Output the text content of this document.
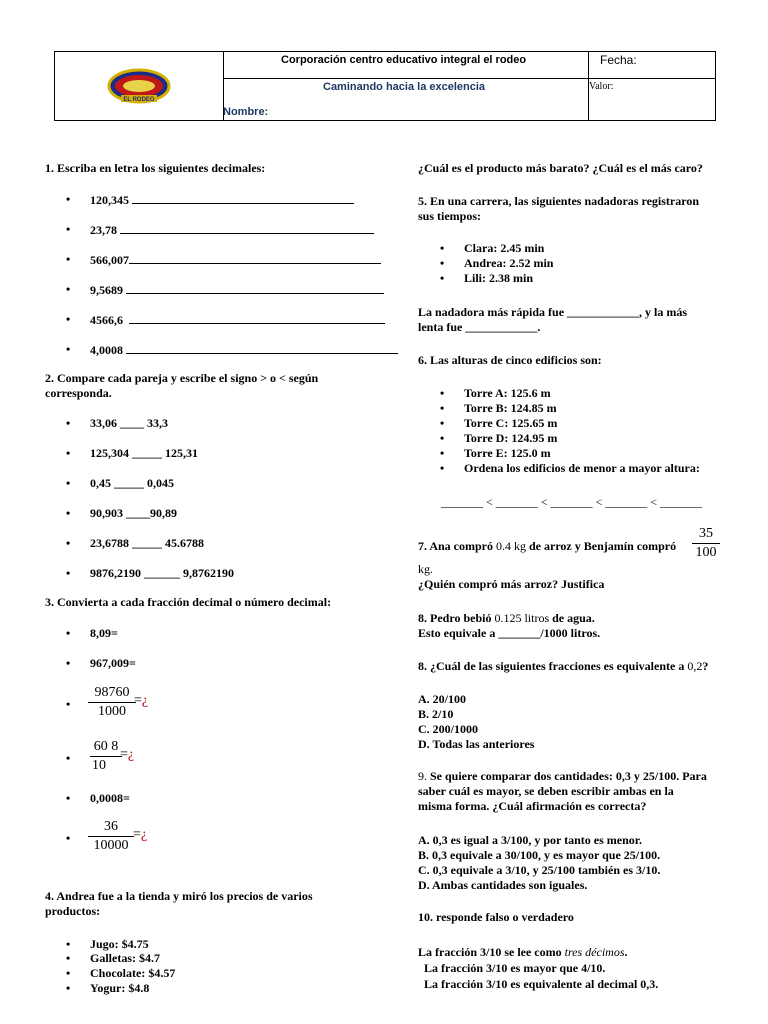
EL RODEO
Corporación centro educativo integral el rodeo
Caminando hacia la excelencia
Nombre:
Fecha:
Valor:
1. Escriba en letra los siguientes decimales:
• 120,345
• 23,78
• 566,007
• 9,5689
• 4566,6
• 4,0008
2. Compare cada pareja y escribe el signo > o < según
corresponda.
• 33,06 ____ 33,3
• 125,304 _____ 125,31
• 0,45 _____ 0,045
• 90,903 ____90,89
• 23,6788 _____ 45.6788
• 9876,2190 ______ 9,8762190
3. Convierta a cada fracción decimal o número decimal:
• 8,09=
• 967,009=
• $\frac{98760}{1000}$
=¿
• $\frac{60 8}{10}$
=¿
• 0,0008=
• $\frac{36}{10000}$ =¿
4. Andrea fue a la tienda y miró los precios de varios
productos:
• Jugo: $4.75
• Galletas: $4.7
• Chocolate: $4.57
• Yogur: $4.8
¿Cuál es el producto más barato? ¿Cuál es el más caro?
5. En una carrera, las siguientes nadadoras registraron
sus tiempos:
• Clara: 2.45 min
• Andrea: 2.52 min
• Lili: 2.38 min
La nadadora más rápida fue ____________, y la más
lenta fue ____________.
6. Las alturas de cinco edificios son:
• Torre A: 125.6 m
• Torre B: 124.85 m
• Torre C: 125.65 m
• Torre D: 124.95 m
• Torre E: 125.0 m
• Ordena los edificios de menor a mayor altura:
_______ < _______ < _______ < _______ < _______
7. Ana compró 0.4 kg de arroz y Benjamín compró $\frac{35}{100}$
kg.
¿Quién compró más arroz? Justifica
8. Pedro bebió 0.125 litros de agua.
Esto equivale a _______/1000 litros.
8. ¿Cuál de las siguientes fracciones es equivalente a 0,2?
A. 20/100
B. 2/10
C. 200/1000
D. Todas las anteriores
9. Se quiere comparar dos cantidades: 0,3 y 25/100. Para
saber cuál es mayor, se deben escribir ambas en la
misma forma. ¿Cuál afirmación es correcta?
A. 0,3 es igual a 3/100, y por tanto es menor.
B. 0,3 equivale a 30/100, y es mayor que 25/100.
C. 0,3 equivale a 3/10, y 25/100 también es 3/10.
D. Ambas cantidades son iguales.
10. responde falso o verdadero
La fracción 3/10 se lee como tres décimos.
La fracción 3/10 es mayor que 4/10.
La fracción 3/10 es equivalente al decimal 0,3.
